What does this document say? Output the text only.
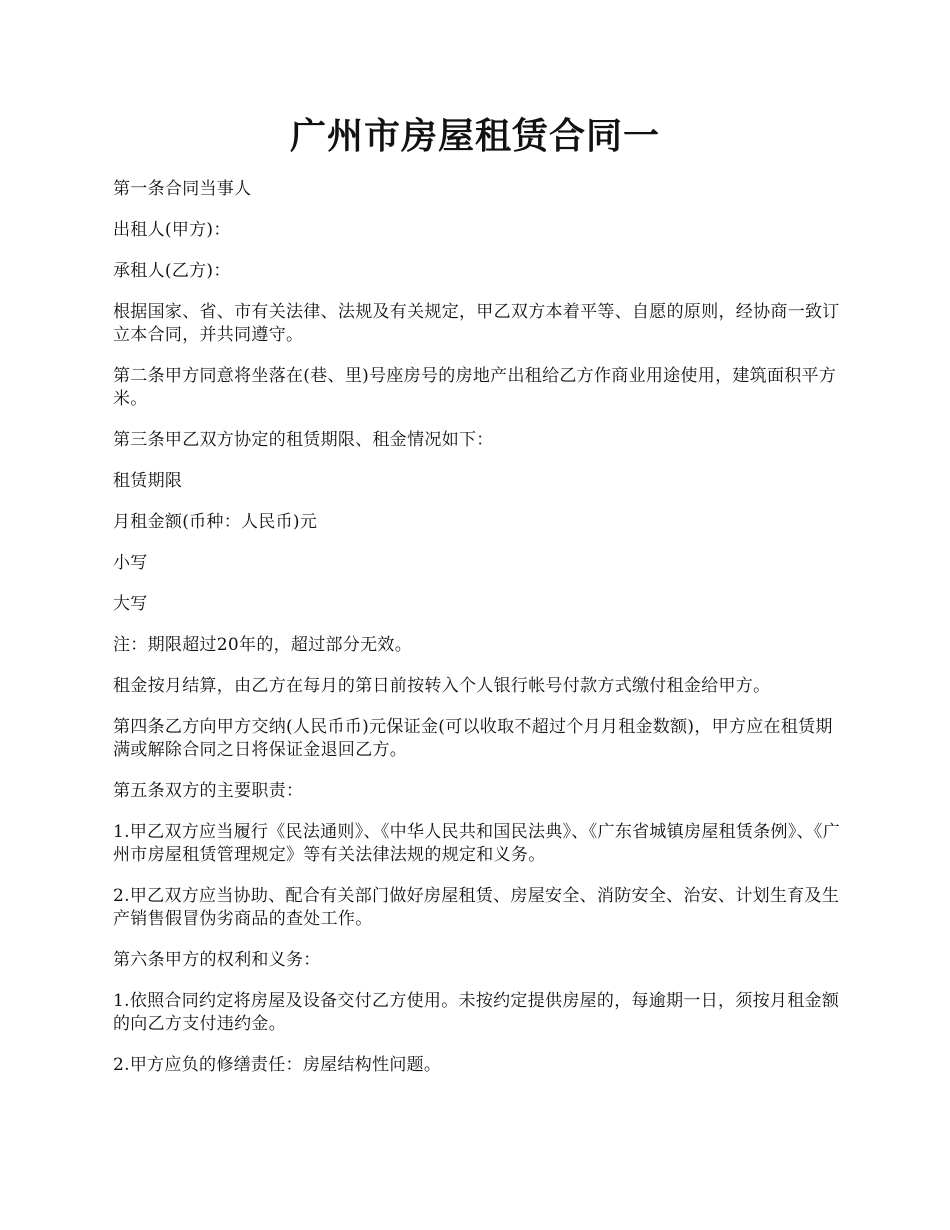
广州市房屋租赁合同一

第一条合同当事人

出租人(甲方)：

承租人(乙方)：

根据国家、省、市有关法律、法规及有关规定，甲乙双方本着平等、自愿的原则，经协商一致订立本合同，并共同遵守。

第二条甲方同意将坐落在(巷、里)号座房号的房地产出租给乙方作商业用途使用，建筑面积平方米。

第三条甲乙双方协定的租赁期限、租金情况如下：

租赁期限

月租金额(币种：人民币)元

小写

大写

注：期限超过20年的，超过部分无效。

租金按月结算，由乙方在每月的第日前按转入个人银行帐号付款方式缴付租金给甲方。

第四条乙方向甲方交纳(人民币币)元保证金(可以收取不超过个月月租金数额)，甲方应在租赁期满或解除合同之日将保证金退回乙方。

第五条双方的主要职责：

1.甲乙双方应当履行《民法通则》、《中华人民共和国民法典》、《广东省城镇房屋租赁条例》、《广州市房屋租赁管理规定》等有关法律法规的规定和义务。

2.甲乙双方应当协助、配合有关部门做好房屋租赁、房屋安全、消防安全、治安、计划生育及生产销售假冒伪劣商品的查处工作。

第六条甲方的权利和义务：

1.依照合同约定将房屋及设备交付乙方使用。未按约定提供房屋的，每逾期一日，须按月租金额的向乙方支付违约金。

2.甲方应负的修缮责任：房屋结构性问题。
